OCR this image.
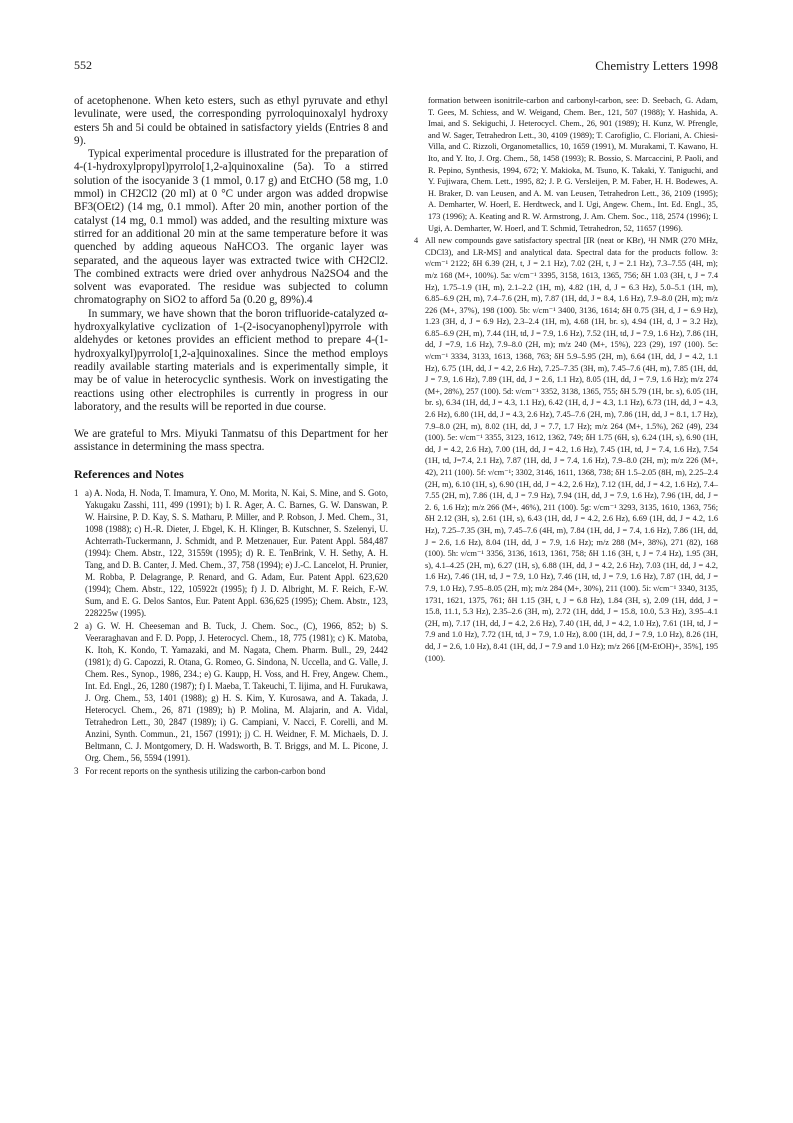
552	Chemistry Letters 1998

of acetophenone. When keto esters, such as ethyl pyruvate and ethyl levulinate, were used, the corresponding pyrroloquinoxalyl hydroxy esters 5h and 5i could be obtained in satisfactory yields (Entries 8 and 9).

Typical experimental procedure is illustrated for the preparation of 4-(1-hydroxylpropyl)pyrrolo[1,2-a]quinoxaline (5a). To a stirred solution of the isocyanide 3 (1 mmol, 0.17 g) and EtCHO (58 mg, 1.0 mmol) in CH2Cl2 (20 ml) at 0 °C under argon was added dropwise BF3(OEt2) (14 mg, 0.1 mmol). After 20 min, another portion of the catalyst (14 mg, 0.1 mmol) was added, and the resulting mixture was stirred for an additional 20 min at the same temperature before it was quenched by adding aqueous NaHCO3. The organic layer was separated, and the aqueous layer was extracted twice with CH2Cl2. The combined extracts were dried over anhydrous Na2SO4 and the solvent was evaporated. The residue was subjected to column chromatography on SiO2 to afford 5a (0.20 g, 89%).4

In summary, we have shown that the boron trifluoride-catalyzed α-hydroxyalkylative cyclization of 1-(2-isocyanophenyl)pyrrole with aldehydes or ketones provides an efficient method to prepare 4-(1-hydroxyalkyl)pyrrolo[1,2-a]quinoxalines. Since the method employs readily available starting materials and is experimentally simple, it may be of value in heterocyclic synthesis. Work on investigating the reactions using other electrophiles is currently in progress in our laboratory, and the results will be reported in due course.

We are grateful to Mrs. Miyuki Tanmatsu of this Department for her assistance in determining the mass spectra.

References and Notes
1 a) A. Noda, H. Noda, T. Imamura, Y. Ono, M. Morita, N. Kai, S. Mine, and S. Goto, Yakugaku Zasshi, 111, 499 (1991); b) I. R. Ager, A. C. Barnes, G. W. Danswan, P. W. Hairsine, P. D. Kay, S. S. Matharu, P. Miller, and P. Robson, J. Med. Chem., 31, 1098 (1988); c) H.-R. Dieter, J. Ebgel, K. H. Klinger, B. Kutschner, S. Szelenyi, U. Achterrath-Tuckermann, J. Schmidt, and P. Metzenauer, Eur. Patent Appl. 584,487 (1994): Chem. Abstr., 122, 31559t (1995); d) R. E. TenBrink, V. H. Sethy, A. H. Tang, and D. B. Canter, J. Med. Chem., 37, 758 (1994); e) J.-C. Lancelot, H. Prunier, M. Robba, P. Delagrange, P. Renard, and G. Adam, Eur. Patent Appl. 623,620 (1994); Chem. Abstr., 122, 105922t (1995); f) J. D. Albright, M. F. Reich, F.-W. Sum, and E. G. Delos Santos, Eur. Patent Appl. 636,625 (1995); Chem. Abstr., 123, 228225w (1995).
2 a) G. W. H. Cheeseman and B. Tuck, J. Chem. Soc., (C), 1966, 852; b) S. Veeraraghavan and F. D. Popp, J. Heterocycl. Chem., 18, 775 (1981); c) K. Matoba, K. Itoh, K. Kondo, T. Yamazaki, and M. Nagata, Chem. Pharm. Bull., 29, 2442 (1981); d) G. Capozzi, R. Otana, G. Romeo, G. Sindona, N. Uccella, and G. Valle, J. Chem. Res., Synop., 1986, 234.; e) G. Kaupp, H. Voss, and H. Frey, Angew. Chem., Int. Ed. Engl., 26, 1280 (1987); f) I. Maeba, T. Takeuchi, T. Iijima, and H. Furukawa, J. Org. Chem., 53, 1401 (1988); g) H. S. Kim, Y. Kurosawa, and A. Takada, J. Heterocycl. Chem., 26, 871 (1989); h) P. Molina, M. Alajarin, and A. Vidal, Tetrahedron Lett., 30, 2847 (1989); i) G. Campiani, V. Nacci, F. Corelli, and M. Anzini, Synth. Commun., 21, 1567 (1991); j) C. H. Weidner, F. M. Michaels, D. J. Beltmann, C. J. Montgomery, D. H. Wadsworth, B. T. Briggs, and M. L. Picone, J. Org. Chem., 56, 5594 (1991).
3 For recent reports on the synthesis utilizing the carbon-carbon bond
formation between isonitrile-carbon and carbonyl-carbon, see: D. Seebach, G. Adam, T. Gees, M. Schiess, and W. Weigand, Chem. Ber., 121, 507 (1988); Y. Hashida, A. Imai, and S. Sekiguchi, J. Heterocycl. Chem., 26, 901 (1989); H. Kunz, W. Pfrengle, and W. Sager, Tetrahedron Lett., 30, 4109 (1989); T. Carofiglio, C. Floriani, A. Chiesi-Villa, and C. Rizzoli, Organometallics, 10, 1659 (1991), M. Murakami, T. Kawano, H. Ito, and Y. Ito, J. Org. Chem., 58, 1458 (1993); R. Bossio, S. Marcaccini, P. Paoli, and R. Pepino, Synthesis, 1994, 672; Y. Makioka, M. Tsuno, K. Takaki, Y. Taniguchi, and Y. Fujiwara, Chem. Lett., 1995, 82; J. P. G. Versleijen, P. M. Faber, H. H. Bodewes, A. H. Braker, D. van Leusen, and A. M. van Leusen, Tetrahedron Lett., 36, 2109 (1995); A. Demharter, W. Hoerl, E. Herdtweck, and I. Ugi, Angew. Chem., Int. Ed. Engl., 35, 173 (1996); A. Keating and R. W. Armstrong, J. Am. Chem. Soc., 118, 2574 (1996); I. Ugi, A. Demharter, W. Hoerl, and T. Schmid, Tetrahedron, 52, 11657 (1996).
4 All new compounds gave satisfactory spectral [IR (neat or KBr), ¹H NMR (270 MHz, CDCl3), and LR-MS] and analytical data. Spectral data for the products follow. 3: ν/cm⁻¹ 2122; δH 6.39 (2H, t, J = 2.1 Hz), 7.02 (2H, t, J = 2.1 Hz), 7.3–7.55 (4H, m); m/z 168 (M+, 100%). 5a: ν/cm⁻¹ 3395, 3158, 1613, 1365, 756; δH 1.03 (3H, t, J = 7.4 Hz), 1.75–1.9 (1H, m), 2.1–2.2 (1H, m), 4.82 (1H, d, J = 6.3 Hz), 5.0–5.1 (1H, m), 6.85–6.9 (2H, m), 7.4–7.6 (2H, m), 7.87 (1H, dd, J = 8.4, 1.6 Hz), 7.9–8.0 (2H, m); m/z 226 (M+, 37%), 198 (100). 5b: ν/cm⁻¹ 3400, 3136, 1614; δH 0.75 (3H, d, J = 6.9 Hz), 1.23 (3H, d, J = 6.9 Hz), 2.3–2.4 (1H, m), 4.68 (1H, br. s), 4.94 (1H, d, J = 3.2 Hz), 6.85–6.9 (2H, m), 7.44 (1H, td, J = 7.9, 1.6 Hz), 7.52 (1H, td, J = 7.9, 1.6 Hz), 7.86 (1H, dd, J =7.9, 1.6 Hz), 7.9–8.0 (2H, m); m/z 240 (M+, 15%), 223 (29), 197 (100). 5c: ν/cm⁻¹ 3334, 3133, 1613, 1368, 763; δH 5.9–5.95 (2H, m), 6.64 (1H, dd, J = 4.2, 1.1 Hz), 6.75 (1H, dd, J = 4.2, 2.6 Hz), 7.25–7.35 (3H, m), 7.45–7.6 (4H, m), 7.85 (1H, dd, J = 7.9, 1.6 Hz), 7.89 (1H, dd, J = 2.6, 1.1 Hz), 8.05 (1H, dd, J = 7.9, 1.6 Hz); m/z 274 (M+, 28%), 257 (100). 5d: ν/cm⁻¹ 3352, 3138, 1365, 755; δH 5.79 (1H, br. s), 6.05 (1H, br. s), 6.34 (1H, dd, J = 4.3, 1.1 Hz), 6.42 (1H, d, J = 4.3, 1.1 Hz), 6.73 (1H, dd, J = 4.3, 2.6 Hz), 6.80 (1H, dd, J = 4.3, 2.6 Hz), 7.45–7.6 (2H, m), 7.86 (1H, dd, J = 8.1, 1.7 Hz), 7.9–8.0 (2H, m), 8.02 (1H, dd, J = 7.7, 1.7 Hz); m/z 264 (M+, 1.5%), 262 (49), 234 (100). 5e: ν/cm⁻¹ 3355, 3123, 1612, 1362, 749; δH 1.75 (6H, s), 6.24 (1H, s), 6.90 (1H, dd, J = 4.2, 2.6 Hz), 7.00 (1H, dd, J = 4.2, 1.6 Hz), 7.45 (1H, td, J = 7.4, 1.6 Hz), 7.54 (1H, td, J=7.4, 2.1 Hz), 7.87 (1H, dd, J = 7.4, 1.6 Hz), 7.9–8.0 (2H, m); m/z 226 (M+, 42), 211 (100). 5f: ν/cm⁻¹; 3302, 3146, 1611, 1368, 738; δH 1.5–2.05 (8H, m), 2.25–2.4 (2H, m), 6.10 (1H, s), 6.90 (1H, dd, J = 4.2, 2.6 Hz), 7.12 (1H, dd, J = 4.2, 1.6 Hz), 7.4–7.55 (2H, m), 7.86 (1H, d, J = 7.9 Hz), 7.94 (1H, dd, J = 7.9, 1.6 Hz), 7.96 (1H, dd, J = 2. 6, 1.6 Hz); m/z 266 (M+, 46%), 211 (100). 5g: ν/cm⁻¹ 3293, 3135, 1610, 1363, 756; δH 2.12 (3H, s), 2.61 (1H, s), 6.43 (1H, dd, J = 4.2, 2.6 Hz), 6.69 (1H, dd, J = 4.2, 1.6 Hz), 7.25–7.35 (3H, m), 7.45–7.6 (4H, m), 7.84 (1H, dd, J = 7.4, 1.6 Hz), 7.86 (1H, dd, J = 2.6, 1.6 Hz), 8.04 (1H, dd, J = 7.9, 1.6 Hz); m/z 288 (M+, 38%), 271 (82), 168 (100). 5h: ν/cm⁻¹ 3356, 3136, 1613, 1361, 758; δH 1.16 (3H, t, J = 7.4 Hz), 1.95 (3H, s), 4.1–4.25 (2H, m), 6.27 (1H, s), 6.88 (1H, dd, J = 4.2, 2.6 Hz), 7.03 (1H, dd, J = 4.2, 1.6 Hz), 7.46 (1H, td, J = 7.9, 1.0 Hz), 7.46 (1H, td, J = 7.9, 1.6 Hz), 7.87 (1H, dd, J = 7.9, 1.0 Hz), 7.95–8.05 (2H, m); m/z 284 (M+, 30%), 211 (100). 5i: ν/cm⁻¹ 3340, 3135, 1731, 1621, 1375, 761; δH 1.15 (3H, t, J = 6.8 Hz), 1.84 (3H, s), 2.09 (1H, ddd, J = 15.8, 11.1, 5.3 Hz), 2.35–2.6 (3H, m), 2.72 (1H, ddd, J = 15.8, 10.0, 5.3 Hz), 3.95–4.1 (2H, m), 7.17 (1H, dd, J = 4.2, 2.6 Hz), 7.40 (1H, dd, J = 4.2, 1.0 Hz), 7.61 (1H, td, J = 7.9 and 1.0 Hz), 7.72 (1H, td, J = 7.9, 1.0 Hz), 8.00 (1H, dd, J = 7.9, 1.0 Hz), 8.26 (1H, dd, J = 2.6, 1.0 Hz), 8.41 (1H, dd, J = 7.9 and 1.0 Hz); m/z 266 [(M-EtOH)+, 35%], 195 (100).
